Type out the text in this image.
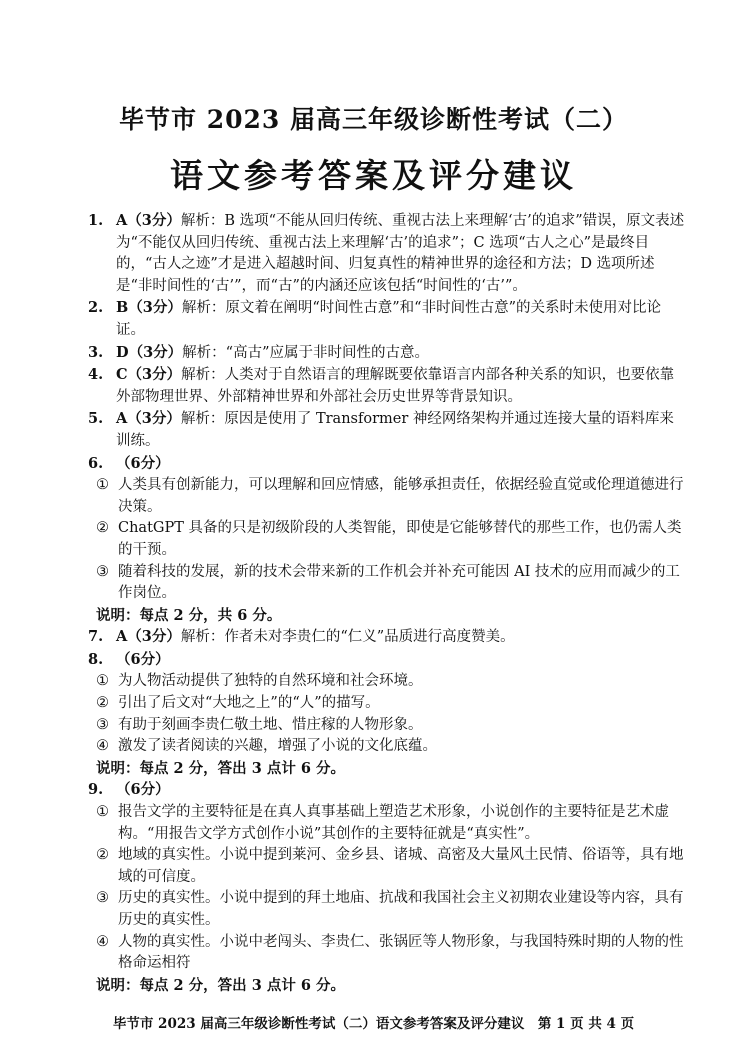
毕节市 2023 届高三年级诊断性考试（二）
语文参考答案及评分建议
1. A（3分）解析：B 选项“不能从回归传统、重视古法上来理解‘古’的追求”错误，原文表述为“不能仅从回归传统、重视古法上来理解‘古’的追求”；C 选项“古人之心”是最终目的，“古人之迹”才是进入超越时间、归复真性的精神世界的途径和方法；D 选项所述是“非时间性的‘古’”，而“古”的内涵还应该包括“时间性的‘古’”。
2. B（3分）解析：原文着在阐明“时间性古意”和“非时间性古意”的关系时未使用对比论证。
3. D（3分）解析：“高古”应属于非时间性的古意。
4. C（3分）解析：人类对于自然语言的理解既要依靠语言内部各种关系的知识，也要依靠外部物理世界、外部精神世界和外部社会历史世界等背景知识。
5. A（3分）解析：原因是使用了 Transformer 神经网络架构并通过连接大量的语料库来训练。
6. （6分）
① 人类具有创新能力，可以理解和回应情感，能够承担责任，依据经验直觉或伦理道德进行决策。
② ChatGPT 具备的只是初级阶段的人类智能，即使是它能够替代的那些工作，也仍需人类的干预。
③ 随着科技的发展，新的技术会带来新的工作机会并补充可能因 AI 技术的应用而减少的工作岗位。
说明：每点 2 分，共 6 分。
7. A（3分）解析：作者未对李贵仁的“仁义”品质进行高度赞美。
8. （6分）
① 为人物活动提供了独特的自然环境和社会环境。
② 引出了后文对“大地之上”的“人”的描写。
③ 有助于刻画李贵仁敬土地、惜庄稼的人物形象。
④ 激发了读者阅读的兴趣，增强了小说的文化底蕴。
说明：每点 2 分，答出 3 点计 6 分。
9. （6分）
① 报告文学的主要特征是在真人真事基础上塑造艺术形象，小说创作的主要特征是艺术虚构。“用报告文学方式创作小说”其创作的主要特征就是“真实性”。
② 地域的真实性。小说中提到莱河、金乡县、诸城、高密及大量风土民情、俗语等，具有地域的可信度。
③ 历史的真实性。小说中提到的拜土地庙、抗战和我国社会主义初期农业建设等内容，具有历史的真实性。
④ 人物的真实性。小说中老闯头、李贵仁、张锅匠等人物形象，与我国特殊时期的人物的性格命运相符
说明：每点 2 分，答出 3 点计 6 分。
毕节市 2023 届高三年级诊断性考试（二）语文参考答案及评分建议　第 1 页 共 4 页
